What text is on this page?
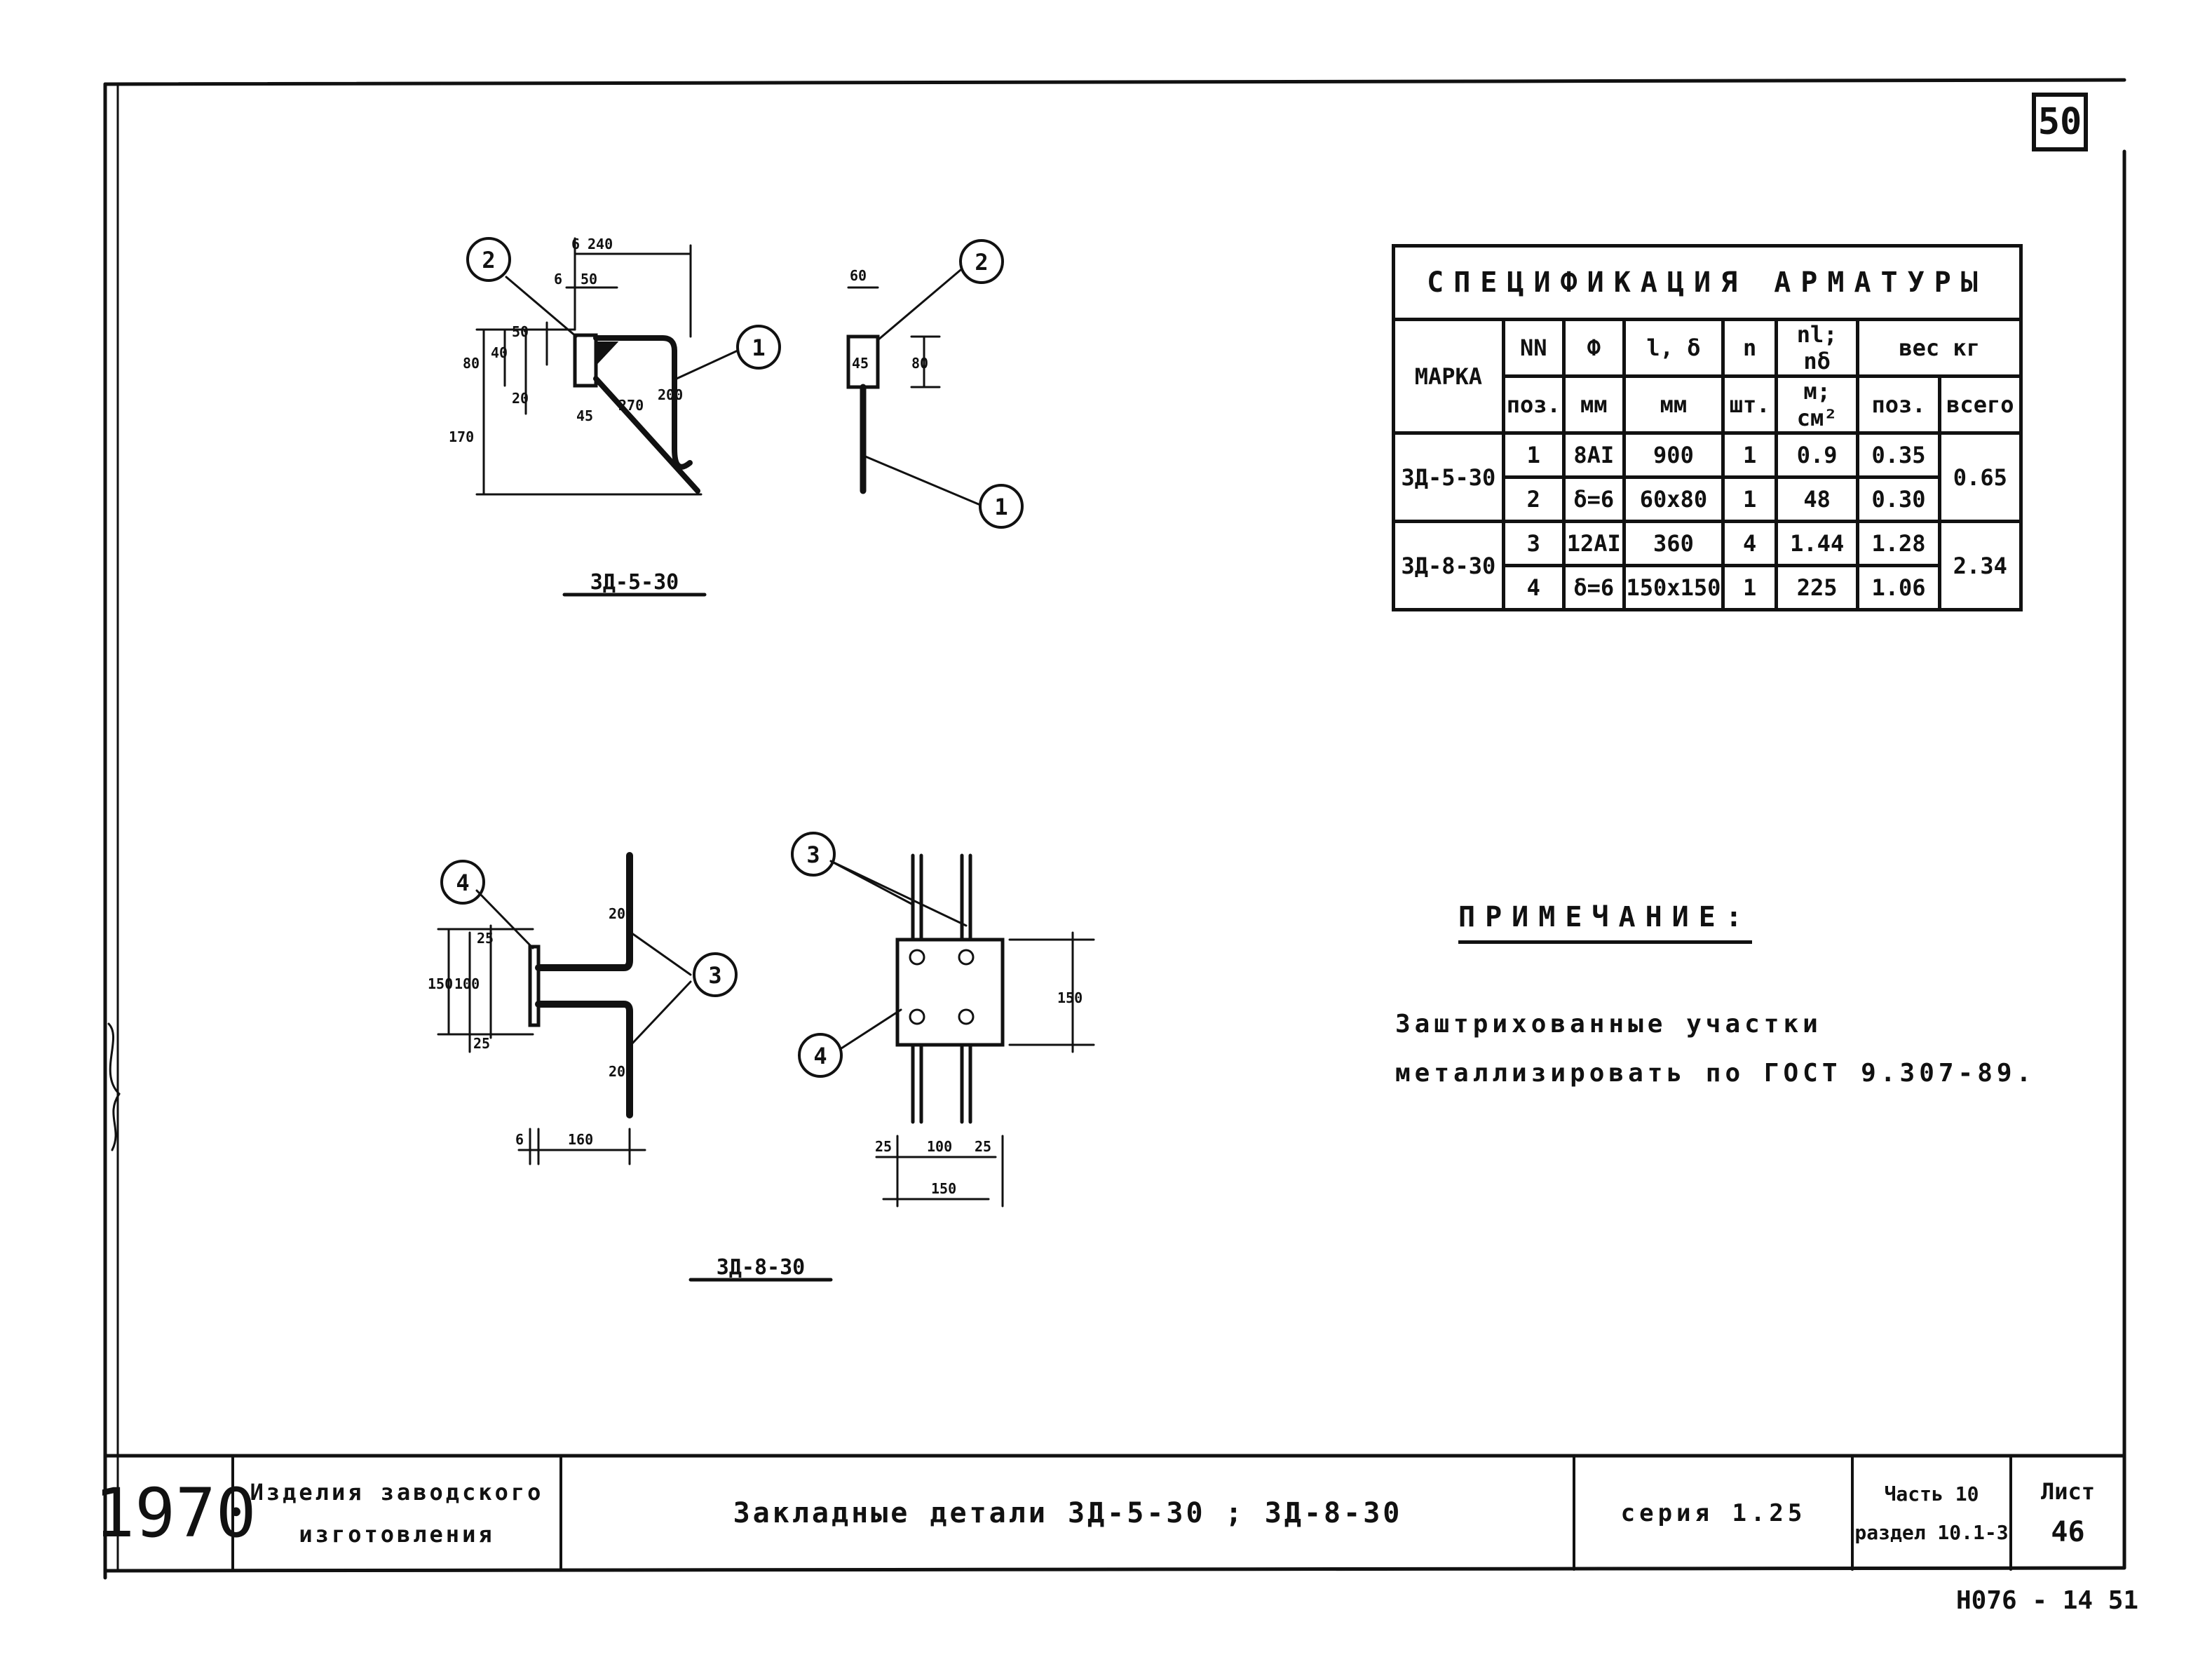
2
1
2
1
4
3
3
4
6 240
6 50
80
40
50
20
170
45
270
200
60
80
45
150 100
25
25
200
200
6	160
150
25 100 25
150
ЗД-5-30
ЗД-8-30
50
СПЕЦИФИКАЦИЯ АРМАТУРЫ							
МАРКА	NN	Ф	l, δ	n	nl; nδ	вес кг	
	поз.	мм	мм	шт.	м; см²	поз.	всего
ЗД-5-30	1	8AI	900	1	0.9	0.35	0.65
	2	δ=6	60x80	1	48	0.30	
ЗД-8-30	3	12AI	360	4	1.44	1.28	2.34
	4	δ=6	150x150	1	225	1.06	
ПРИМЕЧАНИЕ:
Заштрихованные участки
металлизировать по ГОСТ 9.307-89.
1970
Изделия заводского
изготовления
Закладные детали ЗД-5-30 ; ЗД-8-30	серия 1.25
Часть 10
раздел 10.1-3
Лист
46
Н076 - 14 51
